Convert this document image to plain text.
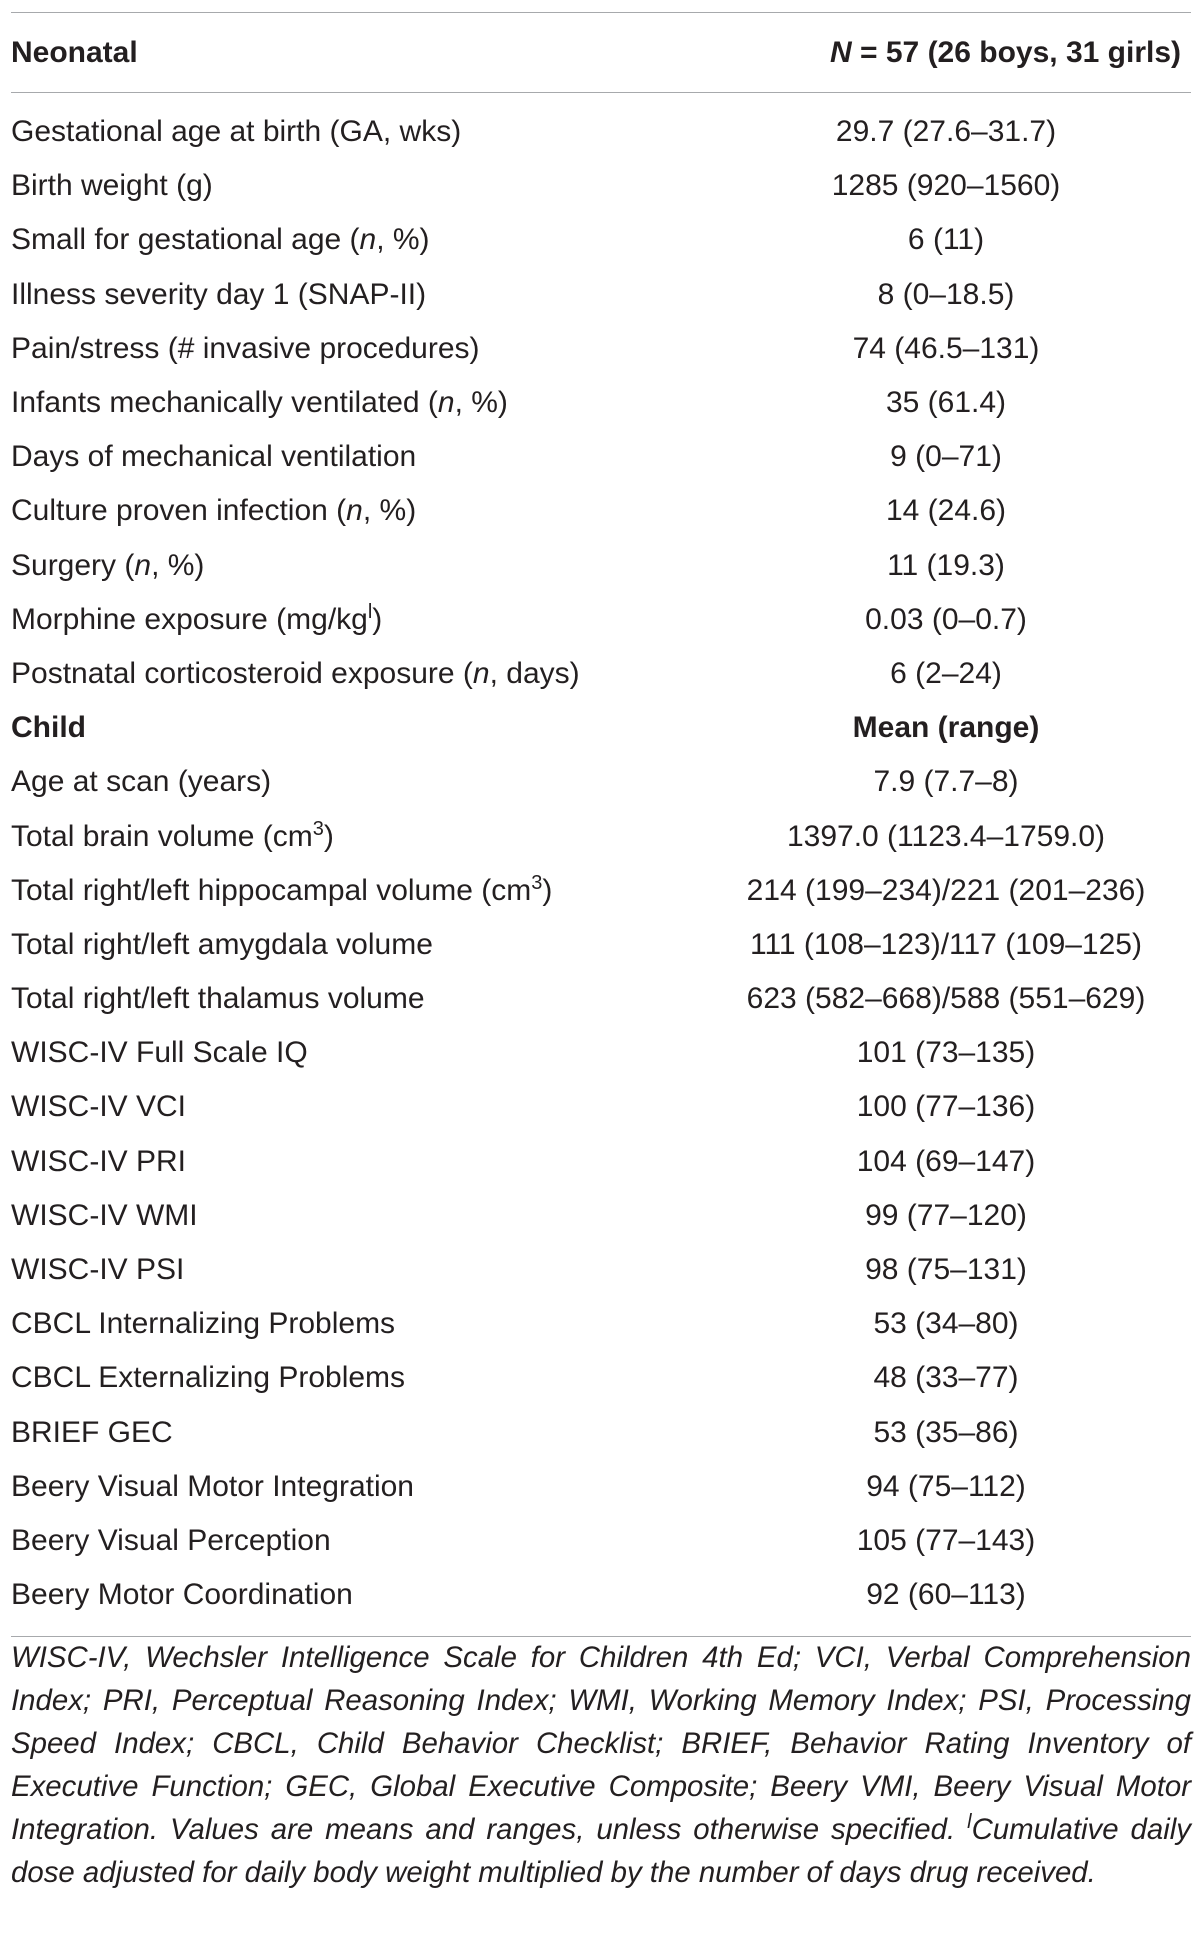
Neonatal	N = 57 (26 boys, 31 girls)
Gestational age at birth (GA, wks)	29.7 (27.6–31.7)
Birth weight (g)	1285 (920–1560)
Small for gestational age (n, %)	6 (11)
Illness severity day 1 (SNAP-II)	8 (0–18.5)
Pain/stress (# invasive procedures)	74 (46.5–131)
Infants mechanically ventilated (n, %)	35 (61.4)
Days of mechanical ventilation	9 (0–71)
Culture proven infection (n, %)	14 (24.6)
Surgery (n, %)	11 (19.3)
Morphine exposure $(mg/kg^l)$	0.03 (0–0.7)
Postnatal corticosteroid exposure (n, days)	6 (2–24)
Child	Mean (range)
Age at scan (years)	7.9 (7.7–8)
Total brain volume $(cm^3)$	1397.0 (1123.4–1759.0)
Total right/left hippocampal volume $(cm^3)$	214 (199–234)/221 (201–236)
Total right/left amygdala volume	111 (108–123)/117 (109–125)
Total right/left thalamus volume	623 (582–668)/588 (551–629)
WISC-IV Full Scale IQ	101 (73–135)
WISC-IV VCI	100 (77–136)
WISC-IV PRI	104 (69–147)
WISC-IV WMI	99 (77–120)
WISC-IV PSI	98 (75–131)
CBCL Internalizing Problems	53 (34–80)
CBCL Externalizing Problems	48 (33–77)
BRIEF GEC	53 (35–86)
Beery Visual Motor Integration	94 (75–112)
Beery Visual Perception	105 (77–143)
Beery Motor Coordination	92 (60–113)
WISC-IV, Wechsler Intelligence Scale for Children 4th Ed; VCI, Verbal Comprehension Index; PRI, Perceptual Reasoning Index; WMI, Working Memory Index; PSI, Processing Speed Index; CBCL, Child Behavior Checklist; BRIEF, Behavior Rating Inventory of Executive Function; GEC, Global Executive Composite; Beery VMI, Beery Visual Motor Integration. Values are means and ranges, unless otherwise specified. $^l$Cumulative daily dose adjusted for daily body weight multiplied by the number of days drug received.
